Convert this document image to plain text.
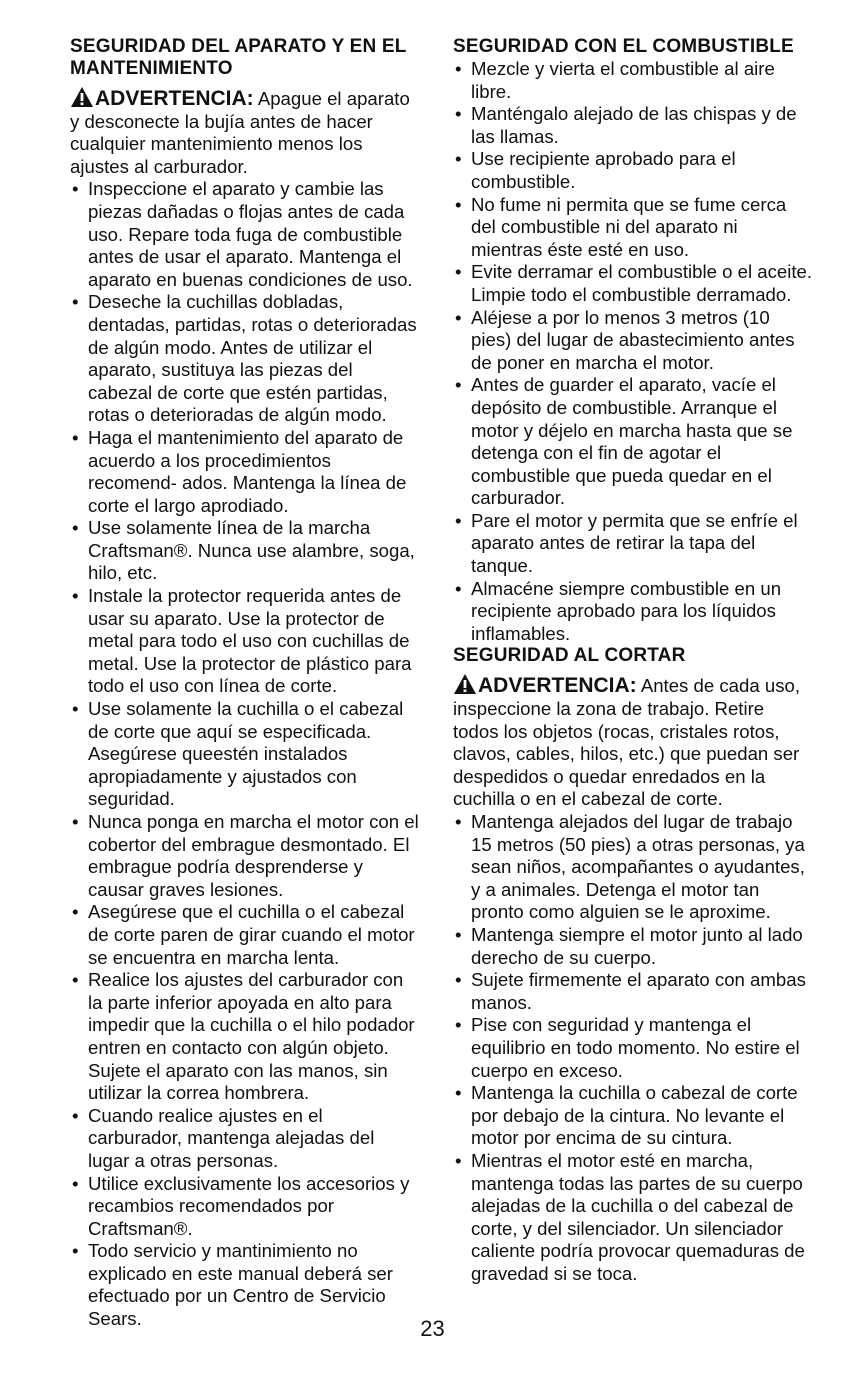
SEGURIDAD DEL APARATO Y EN EL MANTENIMIENTO

ADVERTENCIA: Apague el aparato y desconecte la bujía antes de hacer cualquier mantenimiento menos los ajustes al carburador.

• Inspeccione el aparato y cambie las piezas dañadas o flojas antes de cada uso. Repare toda fuga de combustible antes de usar el aparato. Mantenga el aparato en buenas condiciones de uso.
• Deseche la cuchillas dobladas, dentadas, partidas, rotas o deterioradas de algún modo. Antes de utilizar el aparato, sustituya las piezas del cabezal de corte que estén partidas, rotas o deterioradas de algún modo.
• Haga el mantenimiento del aparato de acuerdo a los procedimientos recomend- ados. Mantenga la línea de corte el largo aprodiado.
• Use solamente línea de la marcha Craftsman®. Nunca use alambre, soga, hilo, etc.
• Instale la protector requerida antes de usar su aparato. Use la protector de metal para todo el uso con cuchillas de metal. Use la protector de plástico para todo el uso con línea de corte.
• Use solamente la cuchilla o el cabezal de corte que aquí se especificada. Asegúrese queestén instalados apropiadamente y ajustados con seguridad.
• Nunca ponga en marcha el motor con el cobertor del embrague desmontado. El embrague podría desprenderse y causar graves lesiones.
• Asegúrese que el cuchilla o el cabezal de corte paren de girar cuando el motor se encuentra en marcha lenta.
• Realice los ajustes del carburador con la parte inferior apoyada en alto para impedir que la cuchilla o el hilo podador entren en contacto con algún objeto. Sujete el aparato con las manos, sin utilizar la correa hombrera.
• Cuando realice ajustes en el carburador, mantenga alejadas del lugar a otras personas.
• Utilice exclusivamente los accesorios y recambios recomendados por Craftsman®.
• Todo servicio y mantinimiento no explicado en este manual deberá ser efectuado por un Centro de Servicio Sears.
SEGURIDAD CON EL COMBUSTIBLE
• Mezcle y vierta el combustible al aire libre.
• Manténgalo alejado de las chispas y de las llamas.
• Use recipiente aprobado para el combustible.
• No fume ni permita que se fume cerca del combustible ni del aparato ni mientras éste esté en uso.
• Evite derramar el combustible o el aceite. Limpie todo el combustible derramado.
• Aléjese a por lo menos 3 metros (10 pies) del lugar de abastecimiento antes de poner en marcha el motor.
• Antes de guarder el aparato, vacíe el depósito de combustible. Arranque el motor y déjelo en marcha hasta que se detenga con el fin de agotar el combustible que pueda quedar en el carburador.
• Pare el motor y permita que se enfríe el aparato antes de retirar la tapa del tanque.
• Almacéne siempre combustible en un recipiente aprobado para los líquidos inflamables.
SEGURIDAD AL CORTAR

ADVERTENCIA: Antes de cada uso, inspeccione la zona de trabajo. Retire todos los objetos (rocas, cristales rotos, clavos, cables, hilos, etc.) que puedan ser despedidos o quedar enredados en la cuchilla o en el cabezal de corte.

• Mantenga alejados del lugar de trabajo 15 metros (50 pies) a otras personas, ya sean niños, acompañantes o ayudantes, y a animales. Detenga el motor tan pronto como alguien se le aproxime.
• Mantenga siempre el motor junto al lado derecho de su cuerpo.
• Sujete firmemente el aparato con ambas manos.
• Pise con seguridad y mantenga el equilibrio en todo momento. No estire el cuerpo en exceso.
• Mantenga la cuchilla o cabezal de corte por debajo de la cintura. No levante el motor por encima de su cintura.
• Mientras el motor esté en marcha, mantenga todas las partes de su cuerpo alejadas de la cuchilla o del cabezal de corte, y del silenciador. Un silenciador caliente podría provocar quemaduras de gravedad si se toca.
23
